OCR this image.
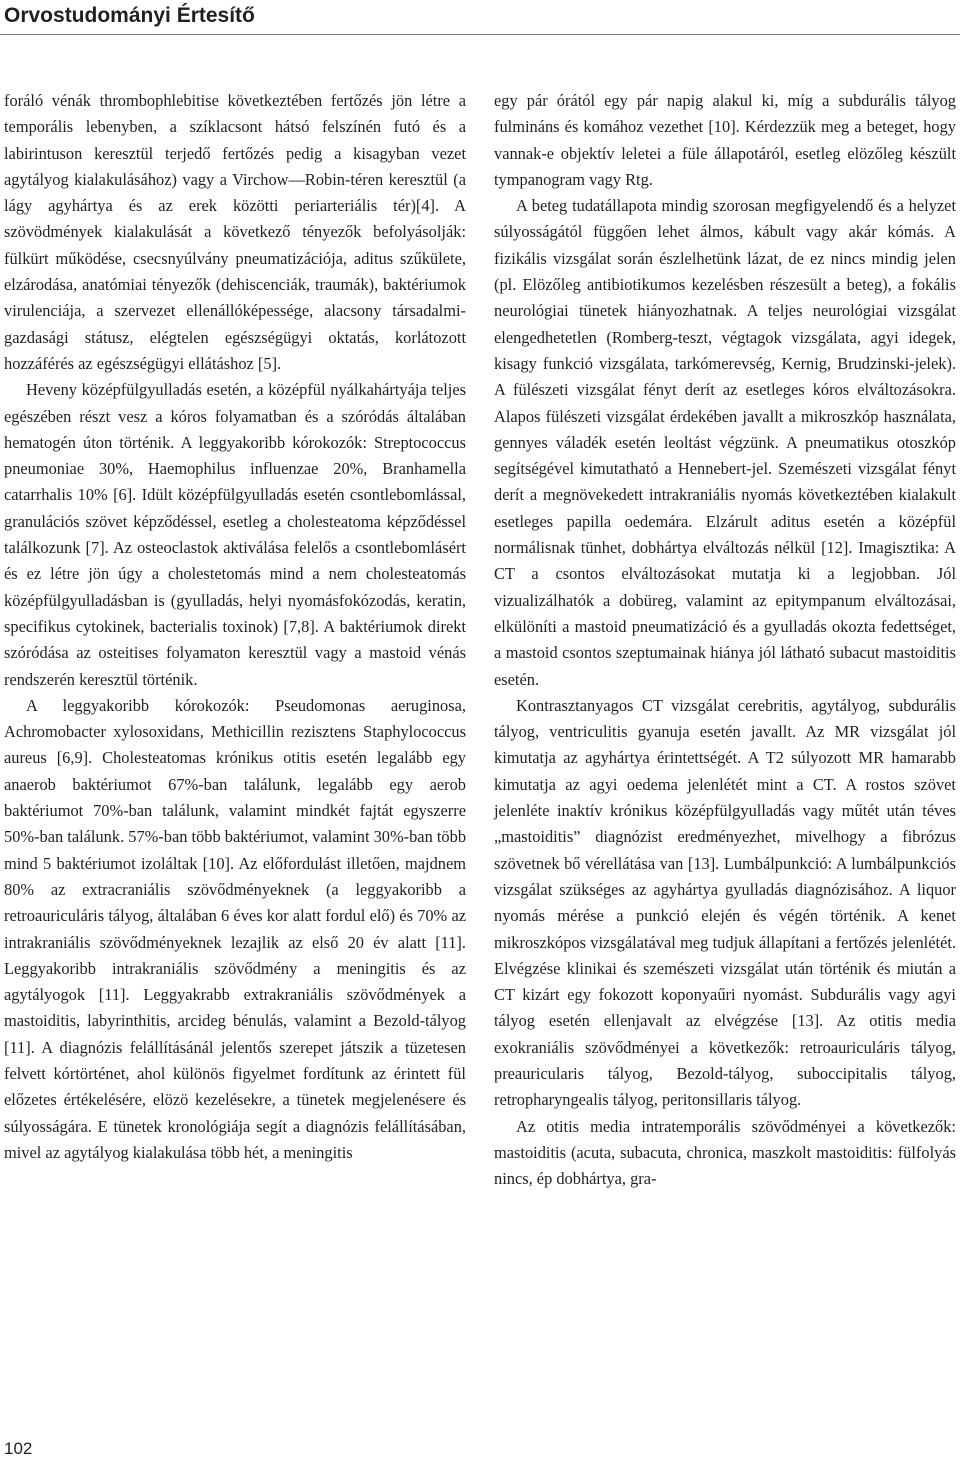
Orvostudományi Értesítő

foráló vénák thrombophlebitise következtében fertőzés jön létre a temporális lebenyben, a szíklacsont hátsó felszínén futó és a labirintuson keresztül terjedő fertőzés pedig a kisagyban vezet agytályog kialakulásához) vagy a Virchow—Robin-téren keresztül (a lágy agyhártya és az erek közötti periarteriális tér)[4]. A szövödmények kialakulását a következő tényezők befolyásolják: fülkürt működése, csecsnyúlvány pneumatizációja, aditus szűkülete, elzárodása, anatómiai tényezők (dehiscenciák, traumák), baktériumok virulenciája, a szervezet ellenállóképessége, alacsony társadalmi-gazdasági státusz, elégtelen egészségügyi oktatás, korlátozott hozzáférés az egészségügyi ellátáshoz [5].

Heveny középfülgyulladás esetén, a középfül nyálkahártyája teljes egészében részt vesz a kóros folyamatban és a szóródás általában hematogén úton történik. A leggyakoribb kórokozók: Streptococcus pneumoniae 30%, Haemophilus influenzae 20%, Branhamella catarrhalis 10% [6]. Idült középfülgyulladás esetén csontlebomlással, granulációs szövet képződéssel, esetleg a cholesteatoma képződéssel találkozunk [7]. Az osteoclastok aktiválása felelős a csontlebomlásért és ez létre jön úgy a cholestetomás mind a nem cholesteatomás középfülgyulladásban is (gyulladás, helyi nyomásfokózodás, keratin, specifikus cytokinek, bacterialis toxinok) [7,8]. A baktériumok direkt szóródása az osteitises folyamaton keresztül vagy a mastoid vénás rendszerén keresztül történik.

A leggyakoribb kórokozók: Pseudomonas aeruginosa, Achromobacter xylosoxidans, Methicillin rezisztens Staphylococcus aureus [6,9]. Cholesteatomas krónikus otitis esetén legalább egy anaerob baktériumot 67%-ban találunk, legalább egy aerob baktériumot 70%-ban találunk, valamint mindkét fajtát egyszerre 50%-ban találunk. 57%-ban több baktériumot, valamint 30%-ban több mind 5 baktériumot izoláltak [10]. Az előfordulást illetően, majdnem 80% az extracraniális szövődményeknek (a leggyakoribb a retroauriculáris tályog, általában 6 éves kor alatt fordul elő) és 70% az intrakraniális szövődményeknek lezajlik az első 20 év alatt [11]. Leggyakoribb intrakraniális szövődmény a meningitis és az agytályogok [11]. Leggyakrabb extrakraniális szövődmények a mastoiditis, labyrinthitis, arcideg bénulás, valamint a Bezold-tályog [11]. A diagnózis felállításánál jelentős szerepet játszik a tüzetesen felvett kórtörténet, ahol különös figyelmet fordítunk az érintett fül előzetes értékelésére, elözö kezelésekre, a tünetek megjelenésere és súlyosságára. E tünetek kronológiája segít a diagnózis felállításában, mivel az agytályog kialakulása több hét, a meningitis

egy pár órától egy pár napig alakul ki, míg a subdurális tályog fulmináns és komához vezethet [10]. Kérdezzük meg a beteget, hogy vannak-e objektív leletei a füle állapotáról, esetleg elözőleg készült tympanogram vagy Rtg.

A beteg tudatállapota mindig szorosan megfigyelendő és a helyzet súlyosságától függően lehet álmos, kábult vagy akár kómás. A fizikális vizsgálat során észlelhetünk lázat, de ez nincs mindig jelen (pl. Elözőleg antibiotikumos kezelésben részesült a beteg), a fokális neurológiai tünetek hiányozhatnak. A teljes neurológiai vizsgálat elengedhetetlen (Romberg-teszt, végtagok vizsgálata, agyi idegek, kisagy funkció vizsgálata, tarkómerevség, Kernig, Brudzinski-jelek). A fülészeti vizsgálat fényt derít az esetleges kóros elváltozásokra. Alapos fülészeti vizsgálat érdekében javallt a mikroszkóp használata, gennyes váladék esetén leoltást végzünk. A pneumatikus otoszkóp segítségével kimutatható a Hennebert-jel. Szemészeti vizsgálat fényt derít a megnövekedett intrakraniális nyomás következtében kialakult esetleges papilla oedemára. Elzárult aditus esetén a középfül normálisnak tünhet, dobhártya elváltozás nélkül [12]. Imagisztika: A CT a csontos elváltozásokat mutatja ki a legjobban. Jól vizualizálhatók a dobüreg, valamint az epitympanum elváltozásai, elkülöníti a mastoid pneumatizáció és a gyulladás okozta fedettséget, a mastoid csontos szeptumainak hiánya jól látható subacut mastoiditis esetén.

Kontrasztanyagos CT vizsgálat cerebritis, agytályog, subdurális tályog, ventriculitis gyanuja esetén javallt. Az MR vizsgálat jól kimutatja az agyhártya érintettségét. A T2 súlyozott MR hamarabb kimutatja az agyi oedema jelenlétét mint a CT. A rostos szövet jelenléte inaktív krónikus középfülgyulladás vagy műtét után téves „mastoiditis” diagnózist eredményezhet, mivelhogy a fibrózus szövetnek bő vérellátása van [13]. Lumbálpunkció: A lumbálpunkciós vizsgálat szükséges az agyhártya gyulladás diagnózisához. A liquor nyomás mérése a punkció elején és végén történik. A kenet mikroszkópos vizsgálatával meg tudjuk állapítani a fertőzés jelenlétét. Elvégzése klinikai és szemészeti vizsgálat után történik és miután a CT kizárt egy fokozott koponyaűri nyomást. Subdurális vagy agyi tályog esetén ellenjavalt az elvégzése [13]. Az otitis media exokraniális szövődményei a következők: retroauriculáris tályog, preauricularis tályog, Bezold-tályog, suboccipitalis tályog, retropharyngealis tályog, peritonsillaris tályog.

Az otitis media intratemporális szövődményei a következők: mastoiditis (acuta, subacuta, chronica, maszkolt mastoiditis: fülfolyás nincs, ép dobhártya, gra-

102
